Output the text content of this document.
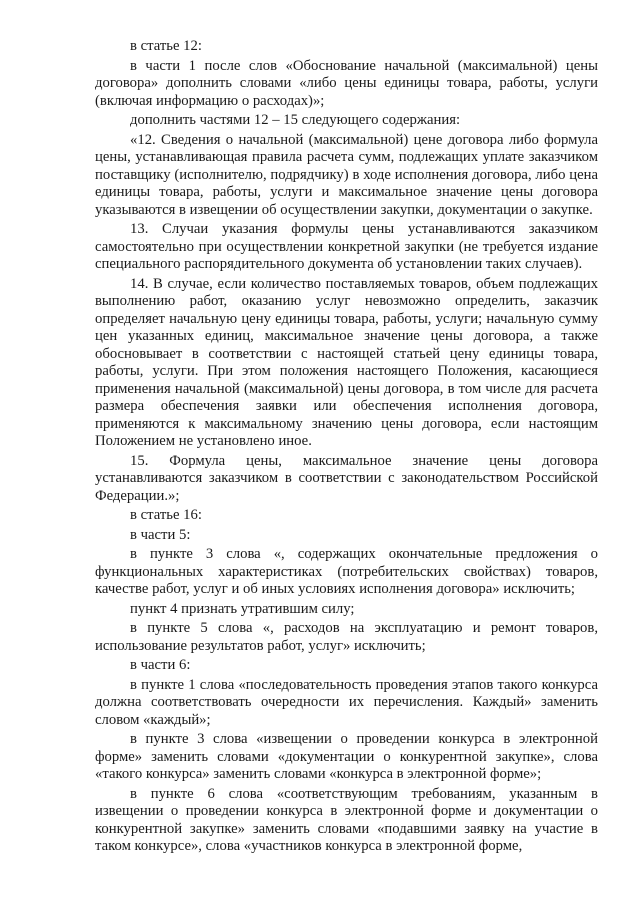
в статье 12:

в части 1 после слов «Обоснование начальной (максимальной) цены договора» дополнить словами «либо цены единицы товара, работы, услуги (включая информацию о расходах)»;

дополнить частями 12 – 15 следующего содержания:

«12. Сведения о начальной (максимальной) цене договора либо формула цены, устанавливающая правила расчета сумм, подлежащих уплате заказчиком поставщику (исполнителю, подрядчику) в ходе исполнения договора, либо цена единицы товара, работы, услуги и максимальное значение цены договора указываются в извещении об осуществлении закупки, документации о закупке.

13. Случаи указания формулы цены устанавливаются заказчиком самостоятельно при осуществлении конкретной закупки (не требуется издание специального распорядительного документа об установлении таких случаев).

14. В случае, если количество поставляемых товаров, объем подлежащих выполнению работ, оказанию услуг невозможно определить, заказчик определяет начальную цену единицы товара, работы, услуги; начальную сумму цен указанных единиц, максимальное значение цены договора, а также обосновывает в соответствии с настоящей статьей цену единицы товара, работы, услуги. При этом положения настоящего Положения, касающиеся применения начальной (максимальной) цены договора, в том числе для расчета размера обеспечения заявки или обеспечения исполнения договора, применяются к максимальному значению цены договора, если настоящим Положением не установлено иное.

15. Формула цены, максимальное значение цены договора устанавливаются заказчиком в соответствии с законодательством Российской Федерации.»;

в статье 16:

в части 5:

в пункте 3 слова «, содержащих окончательные предложения о функциональных характеристиках (потребительских свойствах) товаров, качестве работ, услуг и об иных условиях исполнения договора» исключить;

пункт 4 признать утратившим силу;

в пункте 5 слова «, расходов на эксплуатацию и ремонт товаров, использование результатов работ, услуг» исключить;

в части 6:

в пункте 1 слова «последовательность проведения этапов такого конкурса должна соответствовать очередности их перечисления. Каждый» заменить словом «каждый»;

в пункте 3 слова «извещении о проведении конкурса в электронной форме» заменить словами «документации о конкурентной закупке», слова «такого конкурса» заменить словами «конкурса в электронной форме»;

в пункте 6 слова «соответствующим требованиям, указанным в извещении о проведении конкурса в электронной форме и документации о конкурентной закупке» заменить словами «подавшими заявку на участие в таком конкурсе», слова «участников конкурса в электронной форме,
